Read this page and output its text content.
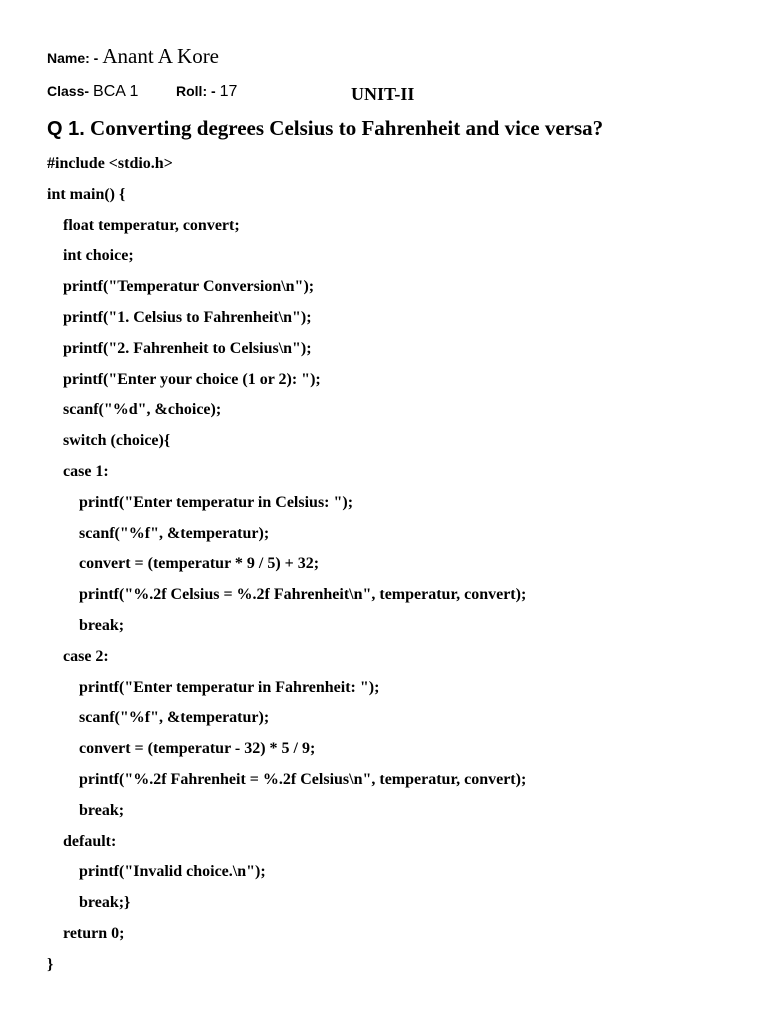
Name: - Anant A Kore
Class- BCA 1	Roll: - 17	UNIT-II
Q 1. Converting degrees Celsius to Fahrenheit and vice versa?
#include <stdio.h>
int main() {
float temperatur, convert;
int choice;
printf("Temperatur Conversion\n");
printf("1. Celsius to Fahrenheit\n");
printf("2. Fahrenheit to Celsius\n");
printf("Enter your choice (1 or 2): ");
scanf("%d", &choice);
switch (choice){
case 1:
printf("Enter temperatur in Celsius: ");
scanf("%f", &temperatur);
convert = (temperatur * 9 / 5) + 32;
printf("%.2f Celsius = %.2f Fahrenheit\n", temperatur, convert);
break;
case 2:
printf("Enter temperatur in Fahrenheit: ");
scanf("%f", &temperatur);
convert = (temperatur - 32) * 5 / 9;
printf("%.2f Fahrenheit = %.2f Celsius\n", temperatur, convert);
break;
default:
printf("Invalid choice.\n");
break;}
return 0;
}
